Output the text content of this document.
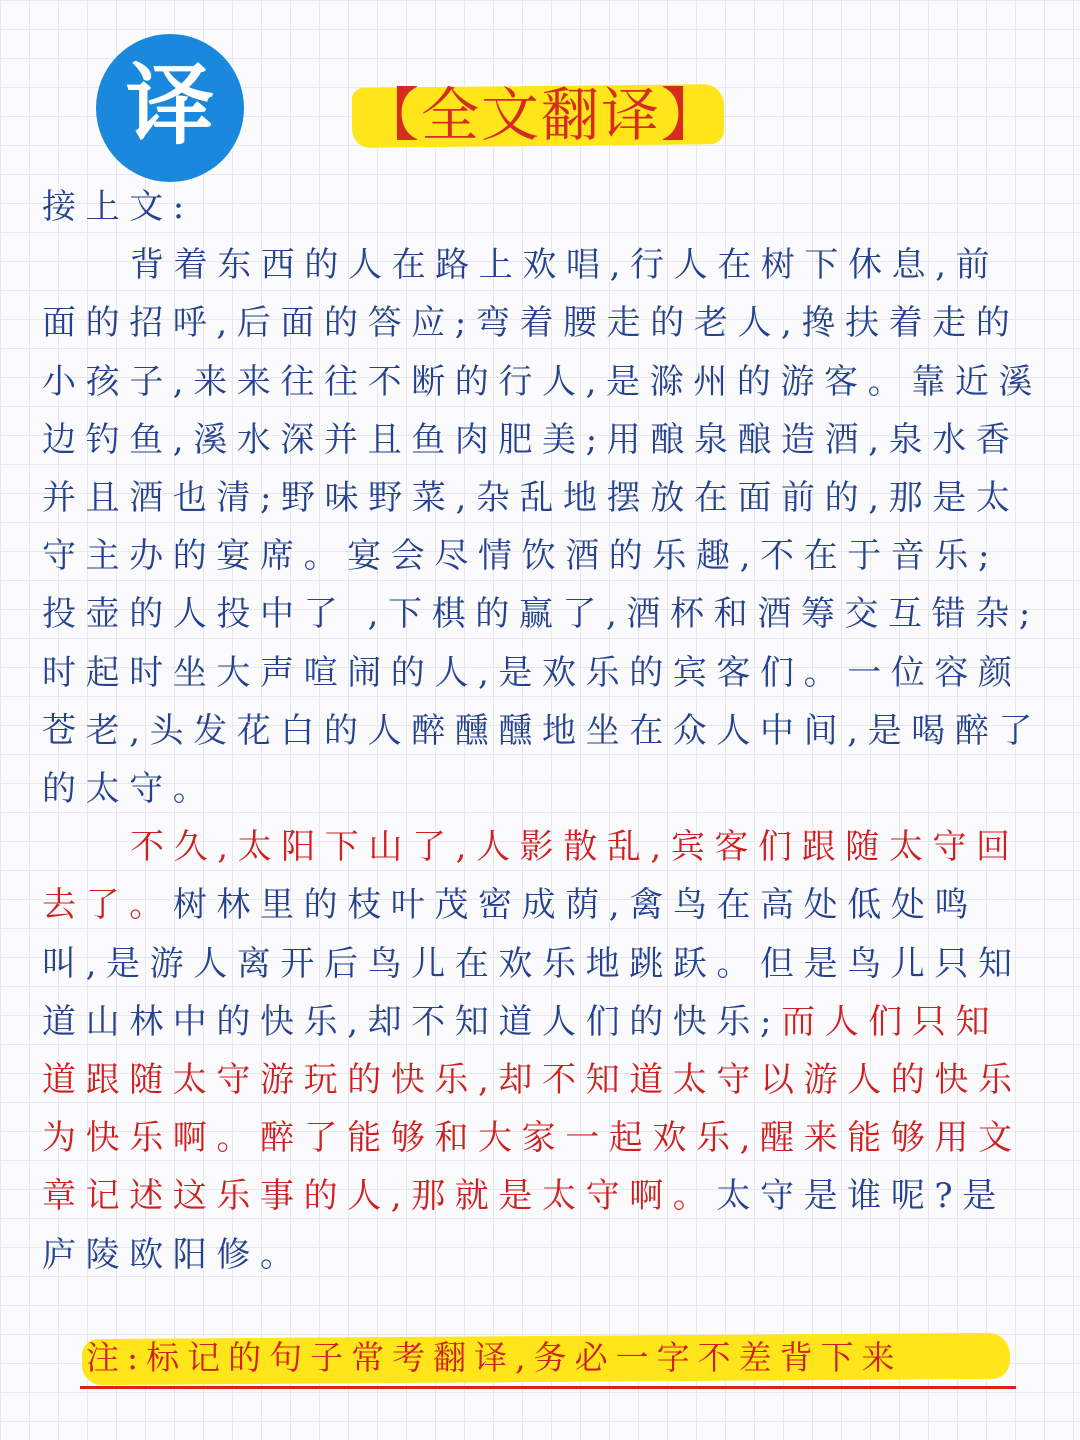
译	【全文翻译】

接上文:

背着东西的人在路上欢唱,行人在树下休息,前面的招呼,后面的答应;弯着腰走的老人,搀扶着走的小孩子,来来往往不断的行人,是滁州的游客。靠近溪边钓鱼,溪水深并且鱼肉肥美;用酿泉酿造酒,泉水香并且酒也清;野味野菜,杂乱地摆放在面前的,那是太守主办的宴席。宴会尽情饮酒的乐趣,不在于音乐;投壶的人投中了 ,下棋的赢了,酒杯和酒筹交互错杂;时起时坐大声喧闹的人,是欢乐的宾客们。一位容颜苍老,头发花白的人醉醺醺地坐在众人中间,是喝醉了的太守。

不久,太阳下山了,人影散乱,宾客们跟随太守回去了。树林里的枝叶茂密成荫,禽鸟在高处低处鸣叫,是游人离开后鸟儿在欢乐地跳跃。但是鸟儿只知道山林中的快乐,却不知道人们的快乐;而人们只知道跟随太守游玩的快乐,却不知道太守以游人的快乐为快乐啊。醉了能够和大家一起欢乐,醒来能够用文章记述这乐事的人,那就是太守啊。太守是谁呢?是庐陵欧阳修。

注:标记的句子常考翻译,务必一字不差背下来
